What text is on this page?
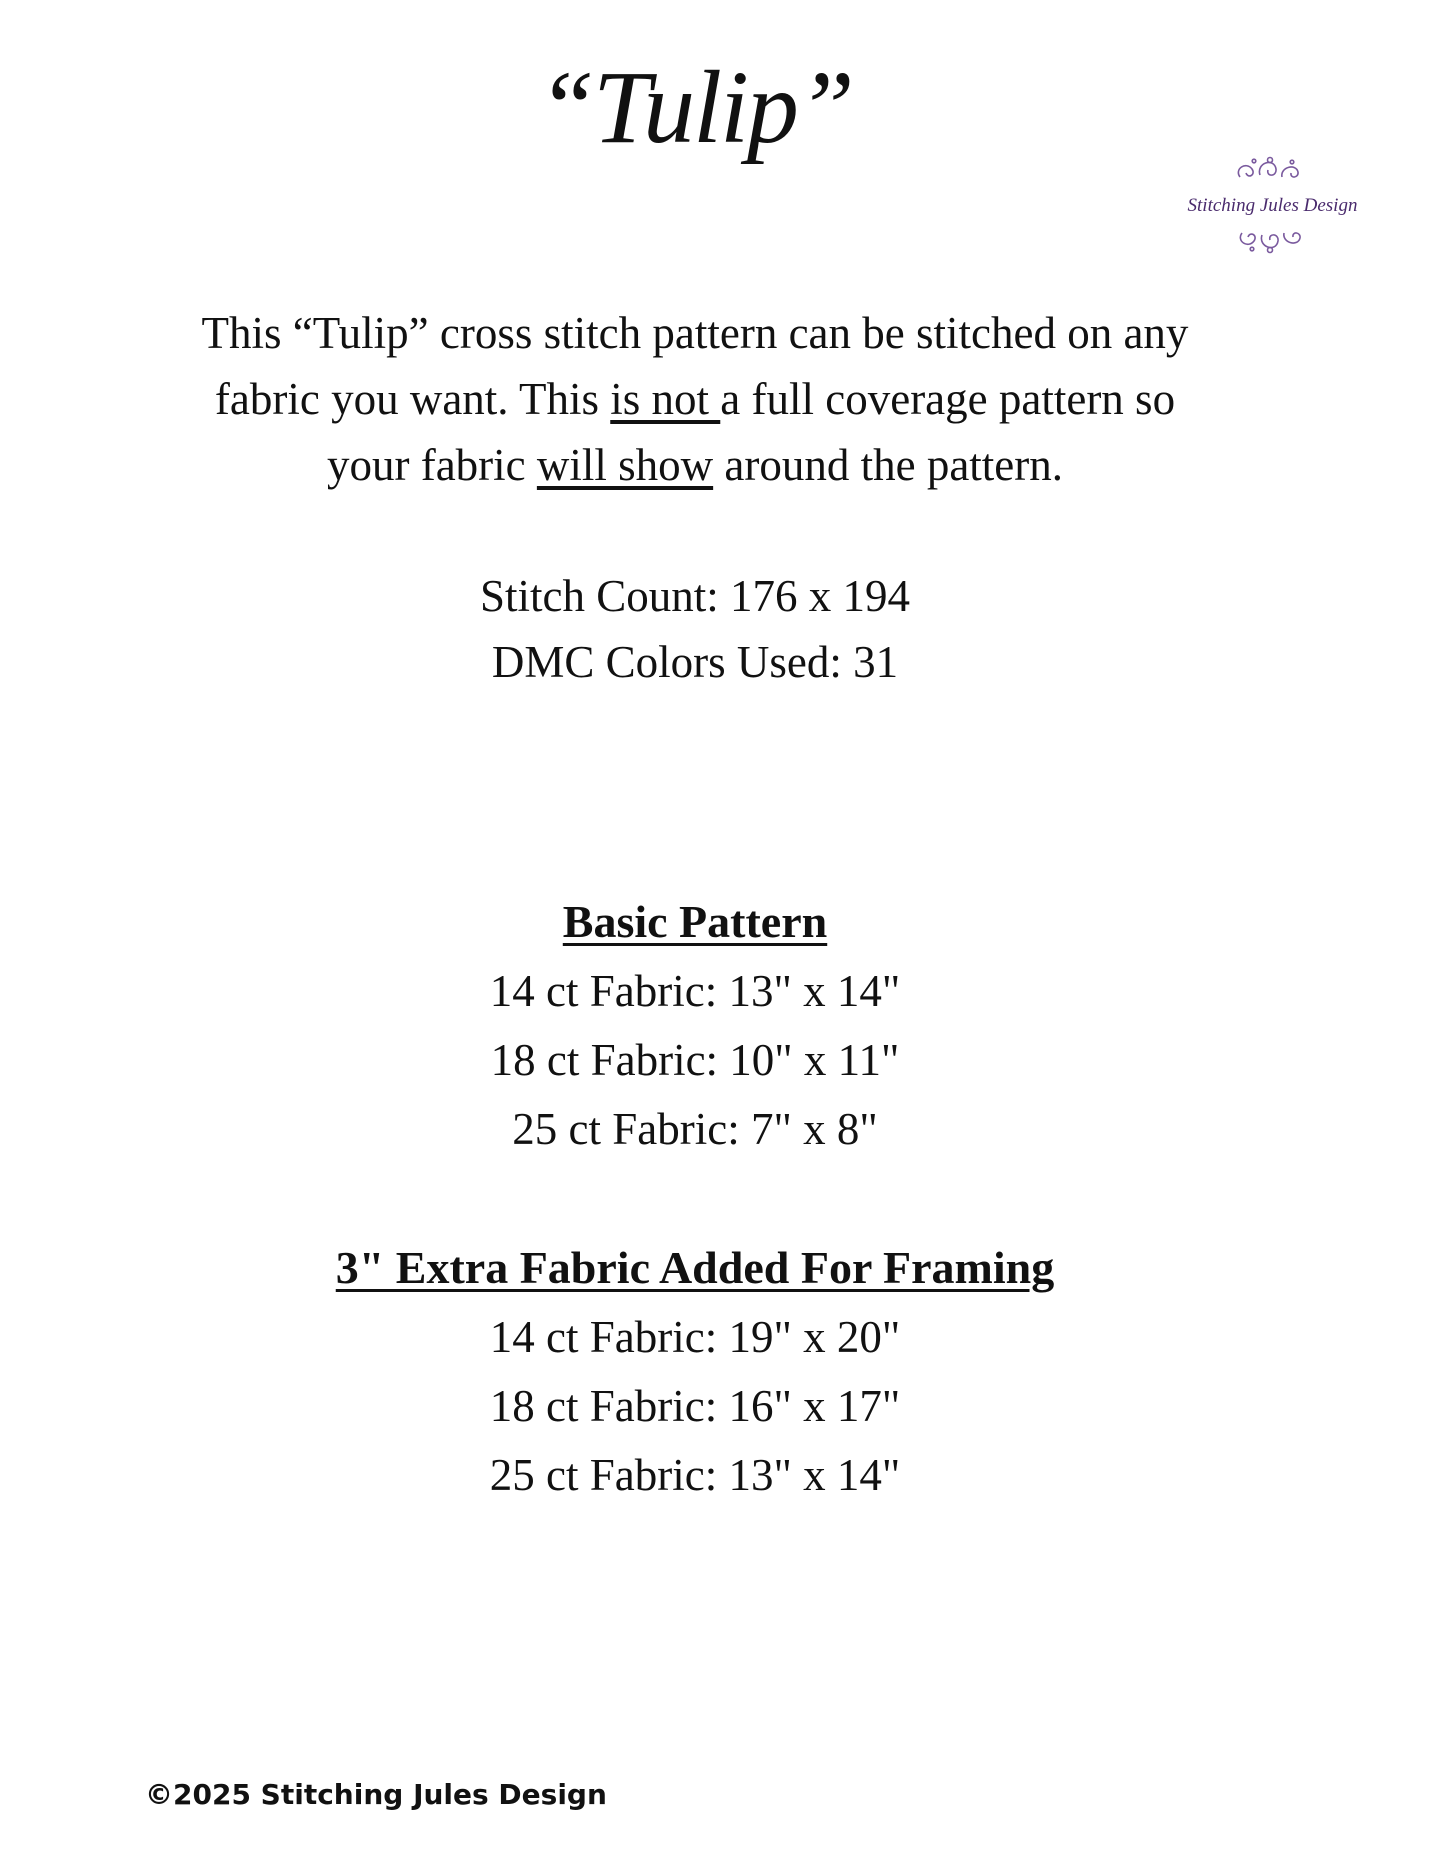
“Tulip”
Stitching Jules Design
This “Tulip” cross stitch pattern can be stitched on any
fabric you want. This is not a full coverage pattern so
your fabric will show around the pattern.
Stitch Count: 176 x 194
DMC Colors Used: 31
Basic Pattern
14 ct Fabric: 13" x 14"
18 ct Fabric: 10" x 11"
25 ct Fabric: 7" x 8"
3" Extra Fabric Added For Framing
14 ct Fabric: 19" x 20"
18 ct Fabric: 16" x 17"
25 ct Fabric: 13" x 14"
©2025 Stitching Jules Design
